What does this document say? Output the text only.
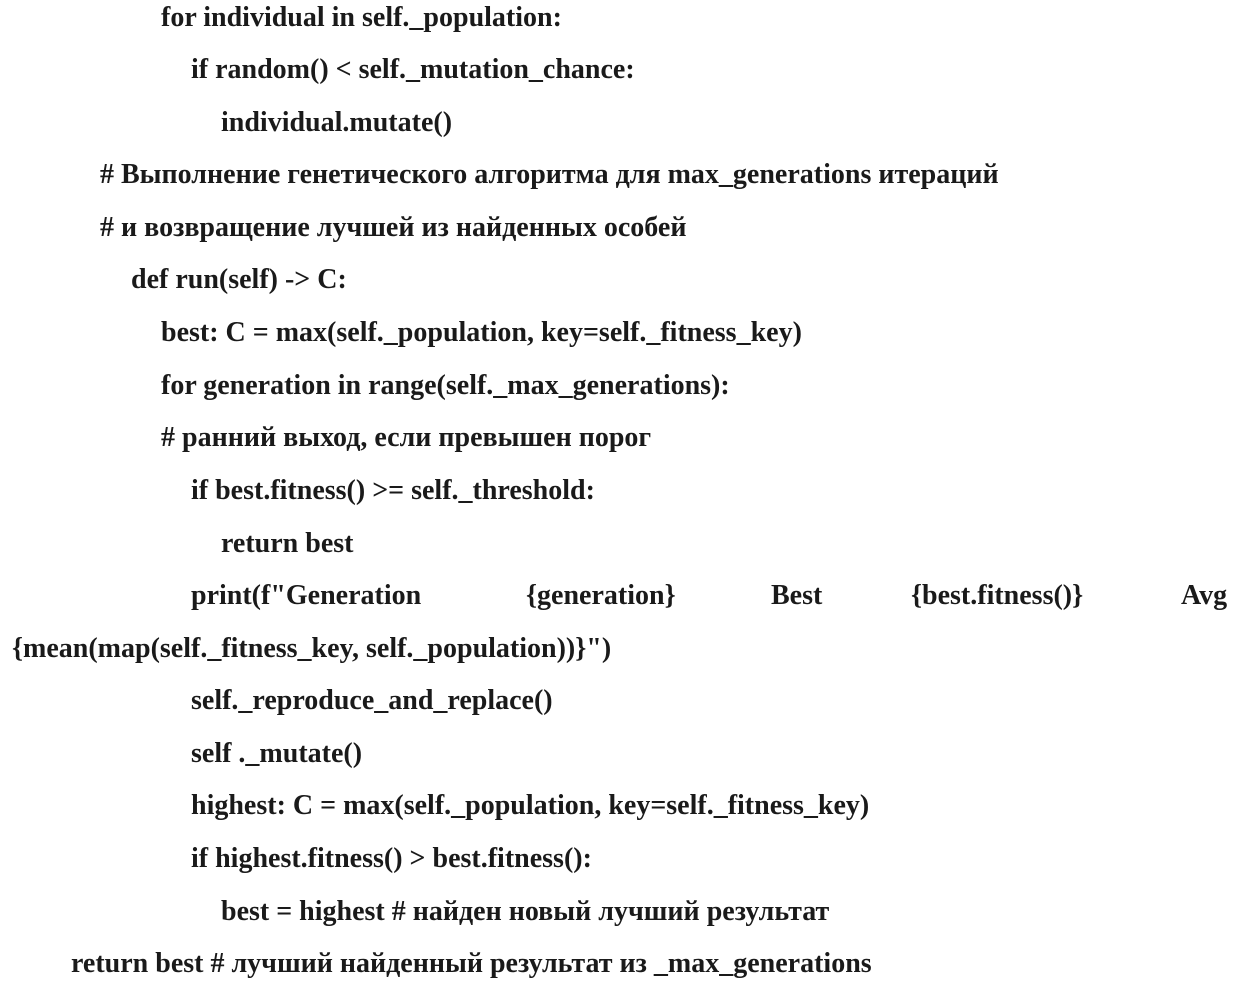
for individual in self._population:
if random() < self._mutation_chance:
individual.mutate()
# Выполнение генетического алгоритма для max_generations итераций
# и возвращение лучшей из найденных особей
def run(self) -> C:
best: C = max(self._population, key=self._fitness_key)
for generation in range(self._max_generations):
# ранний выход, если превышен порог
if best.fitness() >= self._threshold:
return best
print(f"Generation	{generation}	Best	{best.fitness()}	Avg
{mean(map(self._fitness_key, self._population))}")
self._reproduce_and_replace()
self ._mutate()
highest: C = max(self._population, key=self._fitness_key)
if highest.fitness() > best.fitness():
best = highest # найден новый лучший результат
return best # лучший найденный результат из _max_generations
